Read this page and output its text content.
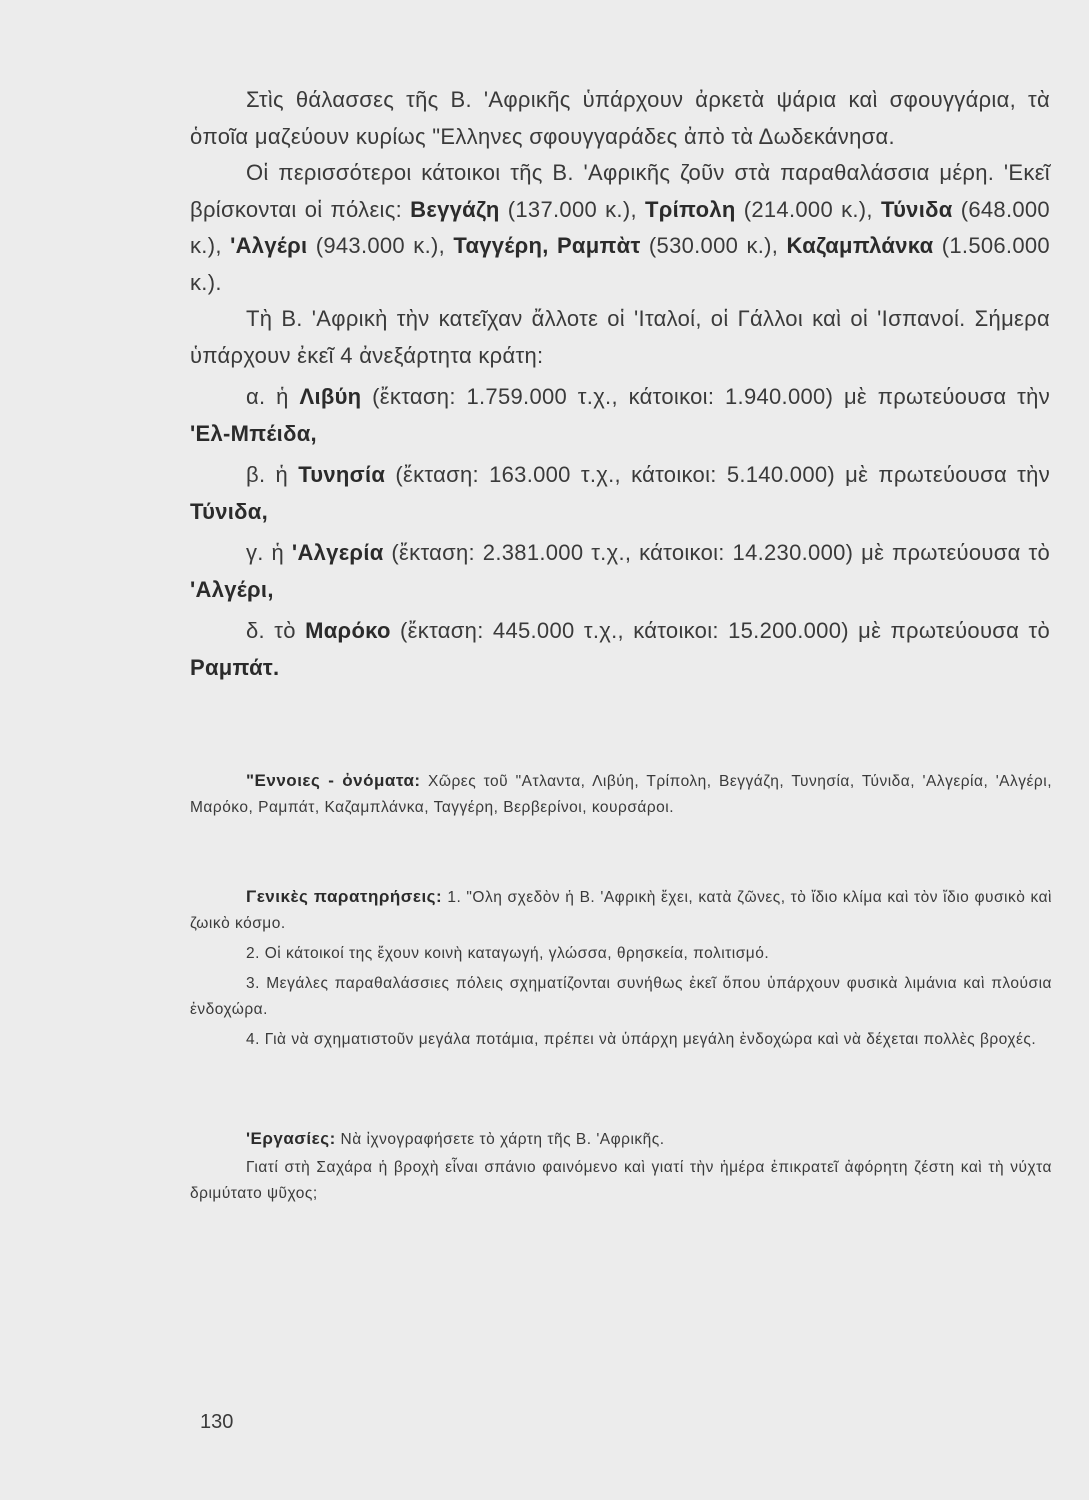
Στὶς θάλασσες τῆς Β. 'Αφρικῆς ὑπάρχουν ἀρκετὰ ψάρια καὶ σφουγγάρια, τὰ ὁποῖα μαζεύουν κυρίως "Ελληνες σφουγγαράδες ἀπὸ τὰ Δωδεκάνησα.

Οἱ περισσότεροι κάτοικοι τῆς Β. 'Αφρικῆς ζοῦν στὰ παραθαλάσσια μέρη. 'Εκεῖ βρίσκονται οἱ πόλεις: Βεγγάζη (137.000 κ.), Τρίπολη (214.000 κ.), Τύνιδα (648.000 κ.), 'Αλγέρι (943.000 κ.), Ταγγέρη, Ραμπὰτ (530.000 κ.), Καζαμπλάνκα (1.506.000 κ.).

Τὴ Β. 'Αφρικὴ τὴν κατεῖχαν ἄλλοτε οἱ 'Ιταλοί, οἱ Γάλλοι καὶ οἱ 'Ισπανοί. Σήμερα ὑπάρχουν ἐκεῖ 4 ἀνεξάρτητα κράτη:

α. ἡ Λιβύη (ἔκταση: 1.759.000 τ.χ., κάτοικοι: 1.940.000) μὲ πρωτεύουσα τὴν 'Ελ-Μπέιδα,

β. ἡ Τυνησία (ἔκταση: 163.000 τ.χ., κάτοικοι: 5.140.000) μὲ πρωτεύουσα τὴν Τύνιδα,

γ. ἡ 'Αλγερία (ἔκταση: 2.381.000 τ.χ., κάτοικοι: 14.230.000) μὲ πρωτεύουσα τὸ 'Αλγέρι,

δ. τὸ Μαρόκο (ἔκταση: 445.000 τ.χ., κάτοικοι: 15.200.000) μὲ πρωτεύουσα τὸ Ραμπάτ.

"Εννοιες - ὀνόματα: Χῶρες τοῦ "Ατλαντα, Λιβύη, Τρίπολη, Βεγγάζη, Τυνησία, Τύνιδα, 'Αλγερία, 'Αλγέρι, Μαρόκο, Ραμπάτ, Καζαμπλάνκα, Ταγγέρη, Βερβερίνοι, κουρσάροι.

Γενικὲς παρατηρήσεις: 1. "Ολη σχεδὸν ἡ Β. 'Αφρικὴ ἔχει, κατὰ ζῶνες, τὸ ἴδιο κλίμα καὶ τὸν ἴδιο φυσικὸ καὶ ζωικὸ κόσμο.

2. Οἱ κάτοικοί της ἔχουν κοινὴ καταγωγή, γλώσσα, θρησκεία, πολιτισμό.

3. Μεγάλες παραθαλάσσιες πόλεις σχηματίζονται συνήθως ἐκεῖ ὅπου ὑπάρχουν φυσικὰ λιμάνια καὶ πλούσια ἐνδοχώρα.

4. Γιὰ νὰ σχηματιστοῦν μεγάλα ποτάμια, πρέπει νὰ ὑπάρχη μεγάλη ἐνδοχώρα καὶ νὰ δέχεται πολλὲς βροχές.

'Εργασίες: Νὰ ἰχνογραφήσετε τὸ χάρτη τῆς Β. 'Αφρικῆς.

Γιατί στὴ Σαχάρα ἡ βροχὴ εἶναι σπάνιο φαινόμενο καὶ γιατί τὴν ἡμέρα ἐπικρατεῖ ἀφόρητη ζέστη καὶ τὴ νύχτα δριμύτατο ψῦχος;

130
